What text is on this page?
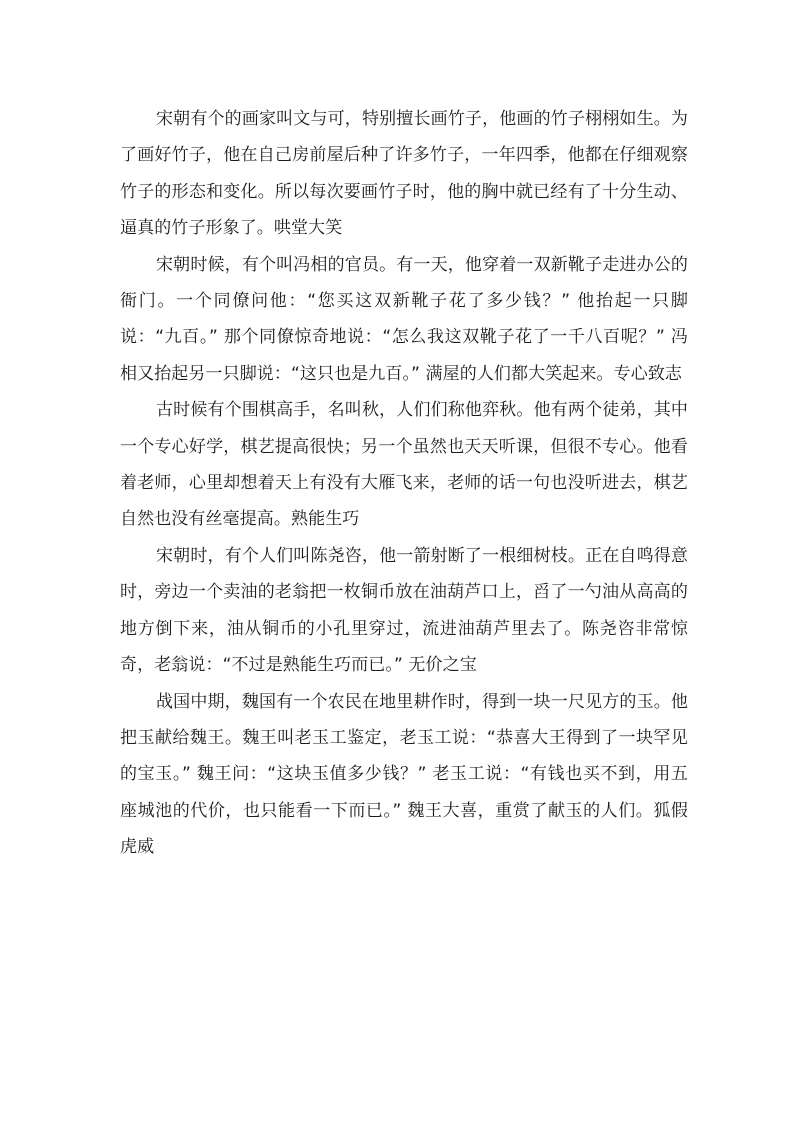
宋朝有个的画家叫文与可，特别擅长画竹子，他画的竹子栩栩如生。为了画好竹子，他在自己房前屋后种了许多竹子，一年四季，他都在仔细观察竹子的形态和变化。所以每次要画竹子时，他的胸中就已经有了十分生动、逼真的竹子形象了。哄堂大笑

宋朝时候，有个叫冯相的官员。有一天，他穿着一双新靴子走进办公的衙门。一个同僚问他：“您买这双新靴子花了多少钱？” 他抬起一只脚说：“九百。” 那个同僚惊奇地说：“怎么我这双靴子花了一千八百呢？” 冯相又抬起另一只脚说：“这只也是九百。” 满屋的人们都大笑起来。专心致志

古时候有个围棋高手，名叫秋，人们们称他弈秋。他有两个徒弟，其中一个专心好学，棋艺提高很快；另一个虽然也天天听课，但很不专心。他看着老师，心里却想着天上有没有大雁飞来，老师的话一句也没听进去，棋艺自然也没有丝毫提高。熟能生巧

宋朝时，有个人们叫陈尧咨，他一箭射断了一根细树枝。正在自鸣得意时，旁边一个卖油的老翁把一枚铜币放在油葫芦口上，舀了一勺油从高高的地方倒下来，油从铜币的小孔里穿过，流进油葫芦里去了。陈尧咨非常惊奇，老翁说：“不过是熟能生巧而已。” 无价之宝

战国中期，魏国有一个农民在地里耕作时，得到一块一尺见方的玉。他把玉献给魏王。魏王叫老玉工鉴定，老玉工说：“恭喜大王得到了一块罕见的宝玉。” 魏王问：“这块玉值多少钱？” 老玉工说：“有钱也买不到，用五座城池的代价，也只能看一下而已。” 魏王大喜，重赏了献玉的人们。狐假虎威
